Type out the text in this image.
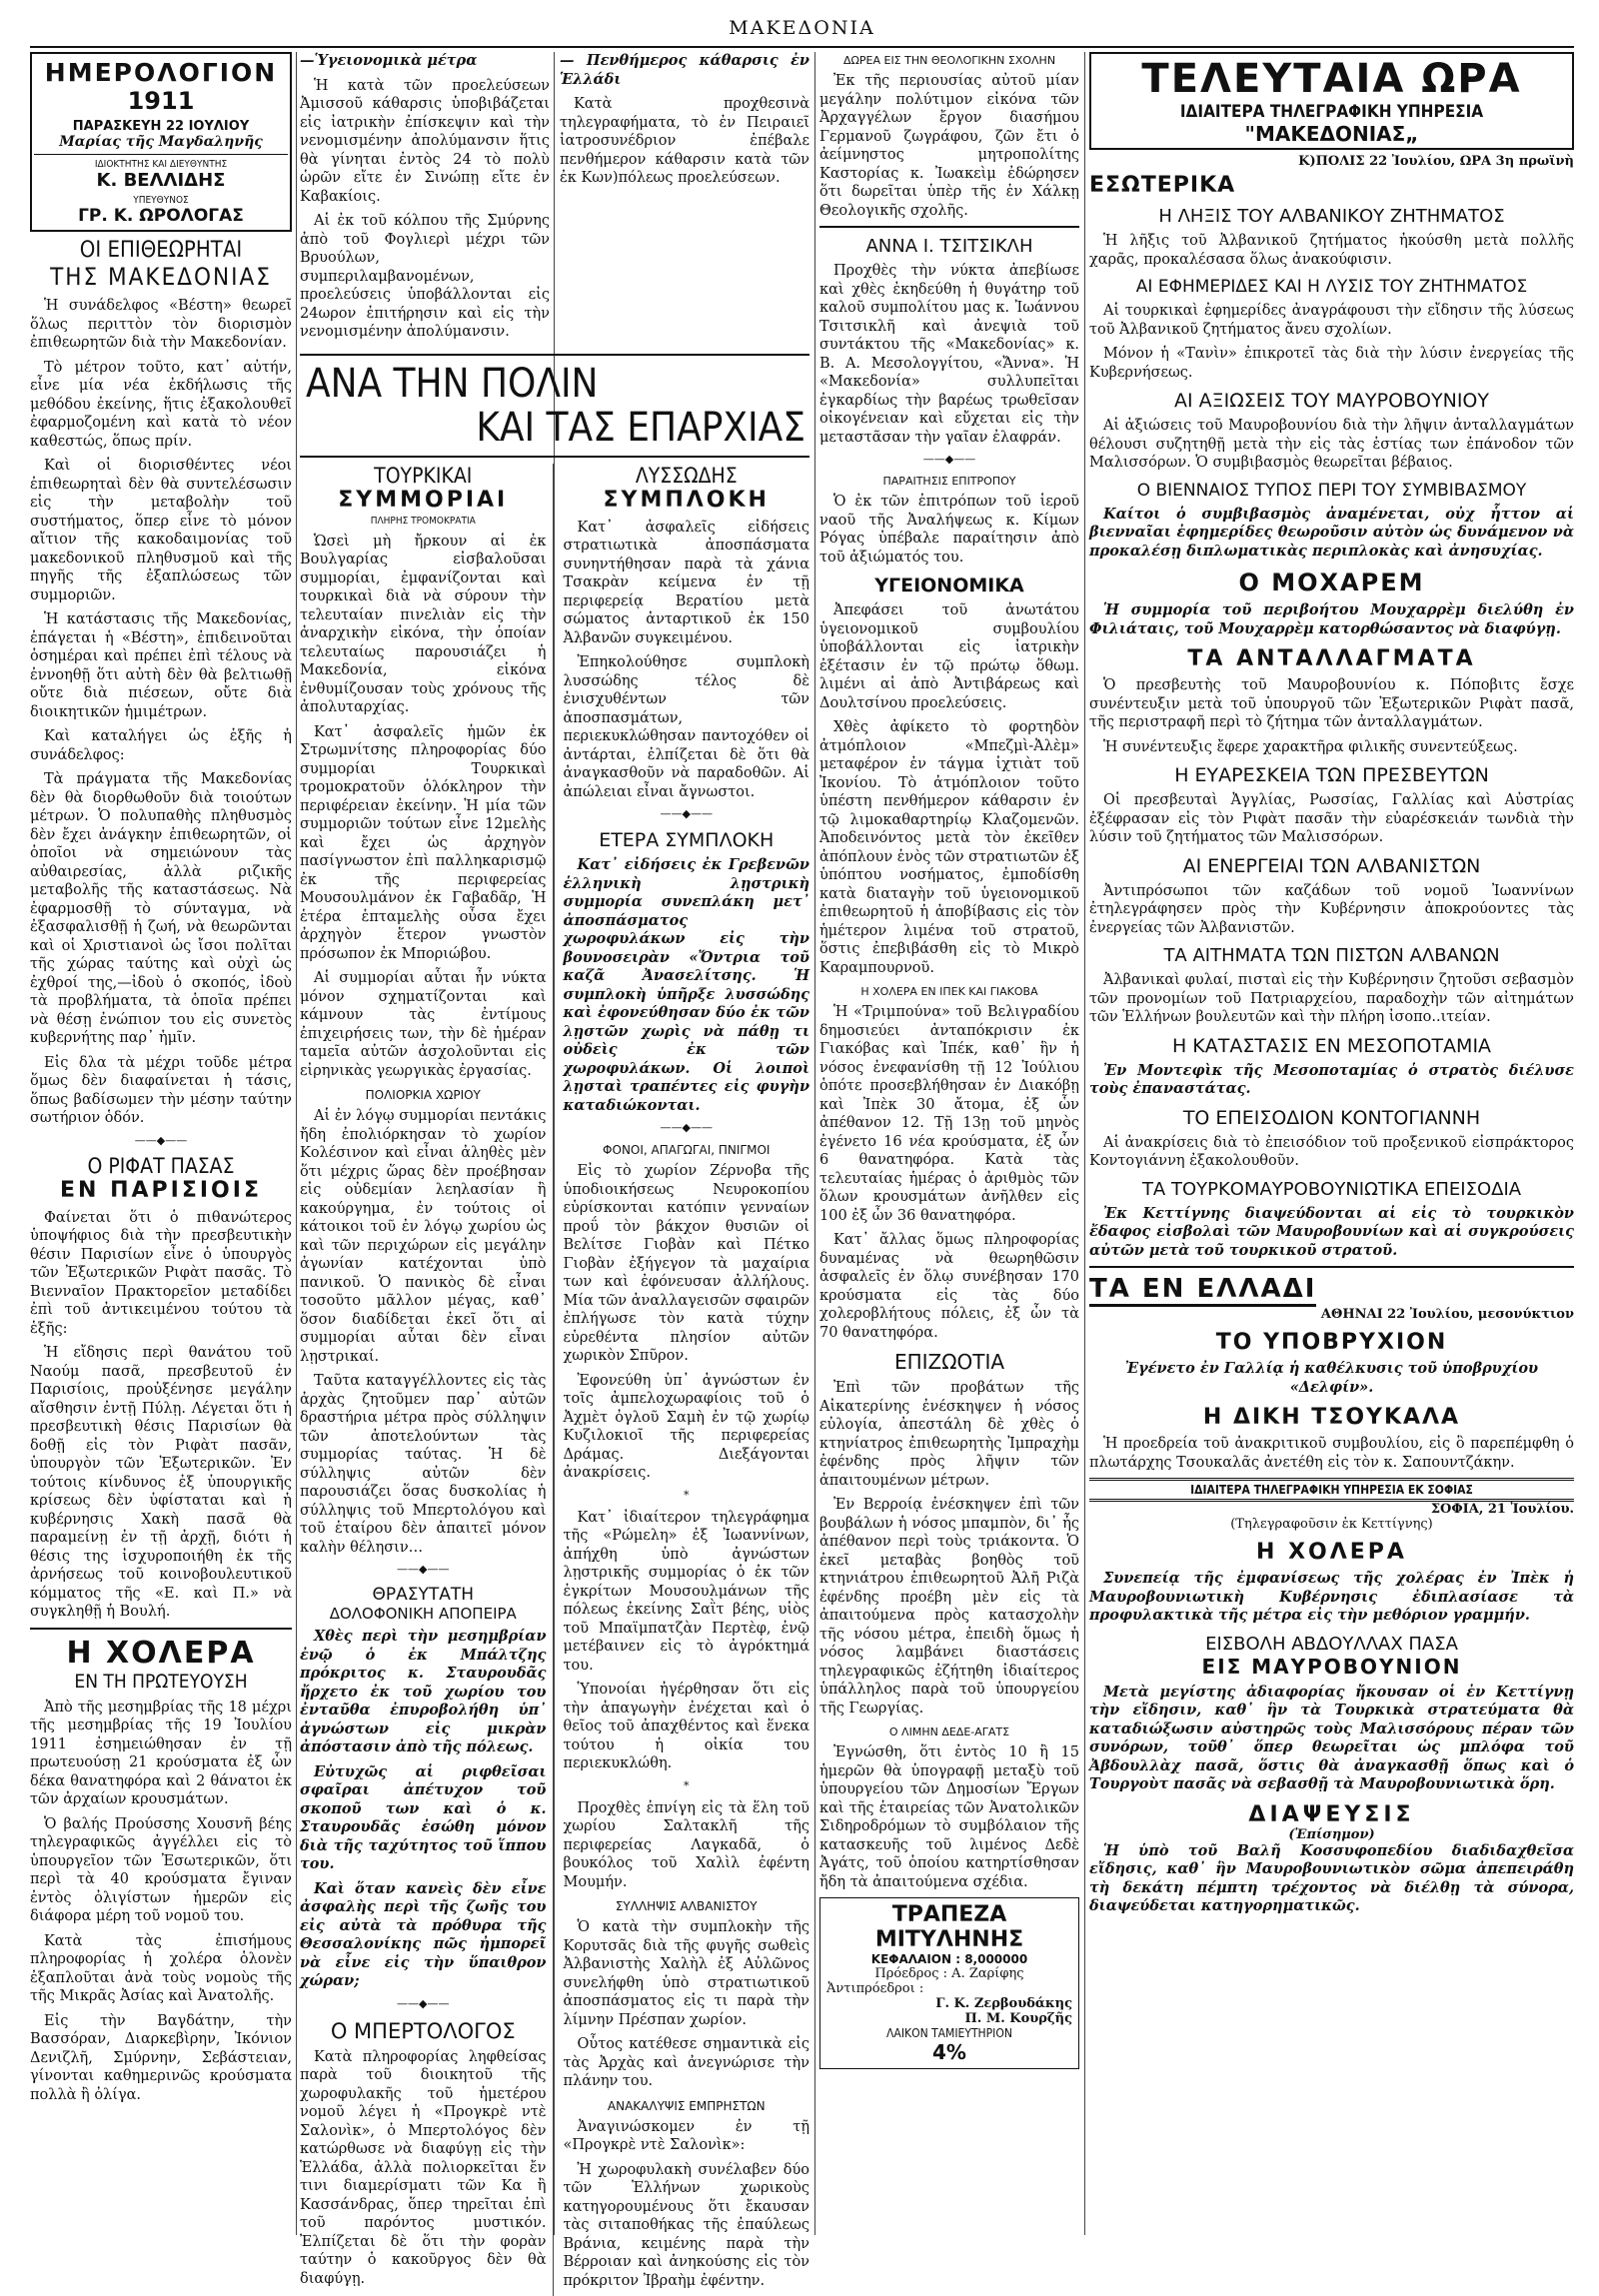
ΜΑΚΕΔΟΝΙΑ
ΗΜΕΡΟΛΟΓΙΟΝ
1911
ΠΑΡΑΣΚΕΥΗ 22 ΙΟΥΛΙΟΥ
Μαρίας τῆς Μαγδαληνῆς
ΙΔΙΟΚΤΗΤΗΣ ΚΑΙ ΔΙΕΥΘΥΝΤΗΣ
Κ. ΒΕΛΛΙΔΗΣ
ΥΠΕΥΘΥΝΟΣ
ΓΡ. Κ. ΩΡΟΛΟΓΑΣ
ΟΙ ΕΠΙΘΕΩΡΗΤΑΙ
ΤΗΣ ΜΑΚΕΔΟΝΙΑΣ

Ἡ συνάδελφος «Βέστη» θεωρεῖ ὅλως περιττὸν τὸν διορισμὸν ἐπιθεωρητῶν διὰ τὴν Μακεδονίαν.

Τὸ μέτρον τοῦτο, κατ᾽ αὐτήν, εἶνε μία νέα ἐκδήλωσις τῆς μεθόδου ἐκείνης, ἥτις ἐξακολουθεῖ ἐφαρμοζομένη καὶ κατὰ τὸ νέον καθεστώς, ὅπως πρίν.

Καὶ οἱ διορισθέντες νέοι ἐπιθεωρηταὶ δὲν θὰ συντελέσωσιν εἰς τὴν μεταβολὴν τοῦ συστήματος, ὅπερ εἶνε τὸ μόνον αἴτιον τῆς κακοδαιμονίας τοῦ μακεδονικοῦ πληθυσμοῦ καὶ τῆς πηγῆς τῆς ἐξαπλώσεως τῶν συμμοριῶν.

Ἡ κατάστασις τῆς Μακεδονίας, ἐπάγεται ἡ «Βέστη», ἐπιδεινοῦται ὁσημέραι καὶ πρέπει ἐπὶ τέλους νὰ ἐννοηθῇ ὅτι αὐτὴ δὲν θὰ βελτιωθῇ οὔτε διὰ πιέσεων, οὔτε διὰ διοικητικῶν ἡμιμέτρων.

Καὶ καταλήγει ὡς ἑξῆς ἡ συνάδελφος:

Τὰ πράγματα τῆς Μακεδονίας δὲν θὰ διορθωθοῦν διὰ τοιούτων μέτρων. Ὁ πολυπαθὴς πληθυσμὸς δὲν ἔχει ἀνάγκην ἐπιθεωρητῶν, οἱ ὁποῖοι νὰ σημειώνουν τὰς αὐθαιρεσίας, ἀλλὰ ριζικῆς μεταβολῆς τῆς καταστάσεως. Νὰ ἐφαρμοσθῇ τὸ σύνταγμα, νὰ ἐξασφαλισθῇ ἡ ζωή, νὰ θεωρῶνται καὶ οἱ Χριστιανοὶ ὡς ἴσοι πολῖται τῆς χώρας ταύτης καὶ οὐχὶ ὡς ἐχθροί της,—ἰδοὺ ὁ σκοπός, ἰδοὺ τὰ προβλήματα, τὰ ὁποῖα πρέπει νὰ θέσῃ ἐνώπιον του εἰς συνετὸς κυβερνήτης παρ᾽ ἡμῖν.

Εἰς δλα τὰ μέχρι τοῦδε μέτρα ὅμως δὲν διαφαίνεται ἡ τάσις, ὅπως βαδίσωμεν τὴν μέσην ταύτην σωτήριον ὁδόν.

——◆——
Ο ΡΙΦΑΤ ΠΑΣΑΣ
ΕΝ ΠΑΡΙΣΙΟΙΣ

Φαίνεται ὅτι ὁ πιθανώτερος ὑποψήφιος διὰ τὴν πρεσβευτικὴν θέσιν Παρισίων εἶνε ὁ ὑπουργὸς τῶν Ἐξωτερικῶν Ριφὰτ πασᾶς. Τὸ Βιενναῖον Πρακτορεῖον μεταδίδει ἐπὶ τοῦ ἀντικειμένου τούτου τὰ ἑξῆς:

Ἡ εἴδησις περὶ θανάτου τοῦ Ναούμ πασᾶ, πρεσβευτοῦ ἐν Παρισίοις, προὐξένησε μεγάλην αἴσθησιν ἐντῇ Πύλῃ. Λέγεται ὅτι ἡ πρεσβευτικὴ θέσις Παρισίων θὰ δοθῇ εἰς τὸν Ριφὰτ πασᾶν, ὑπουργὸν τῶν Ἐξωτερικῶν. Ἐν τούτοις κίνδυνος ἐξ ὑπουργικῆς κρίσεως δὲν ὑφίσταται καὶ ἡ κυβέρνησις Χακὴ πασᾶ θὰ παραμείνῃ ἐν τῇ ἀρχῇ, διότι ἡ θέσις της ἰσχυροποιήθη ἐκ τῆς ἀρνήσεως τοῦ κοινοβουλευτικοῦ κόμματος τῆς «Ε. καὶ Π.» νὰ συγκληθῇ ἡ Βουλή.

Η ΧΟΛΕΡΑ
ΕΝ ΤΗ ΠΡΩΤΕΥΟΥΣΗ

Ἀπὸ τῆς μεσημβρίας τῆς 18 μέχρι τῆς μεσημβρίας τῆς 19 Ἰουλίου 1911 ἐσημειώθησαν ἐν τῇ πρωτευούσῃ 21 κρούσματα ἐξ ὧν δέκα θανατηφόρα καὶ 2 θάνατοι ἐκ τῶν ἀρχαίων κρουσμάτων.

Ὁ βαλής Προύσσης Χουσνῆ βέης τηλεγραφικῶς ἀγγέλλει εἰς τὸ ὑπουργεῖον τῶν Ἐσωτερικῶν, ὅτι περὶ τὰ 40 κρούσματα ἔγιναν ἐντὸς ὀλιγίστων ἡμερῶν εἰς διάφορα μέρη τοῦ νομοῦ του.

Κατὰ τὰς ἐπισήμους πληροφορίας ἡ χολέρα ὁλονὲν ἐξαπλοῦται ἀνὰ τοὺς νομοὺς τῆς τῆς Μικρᾶς Ἀσίας καὶ Ἀνατολῆς.

Εἰς τὴν Βαγδάτην, τὴν Βασσόραν, Διαρκεβὶρην, Ἰκόνιον Δενιζλῆ, Σμύρνην, Σεβάστειαν, γίνονται καθημερινῶς κρούσματα πολλὰ ἢ ὀλίγα.

—Ὑγειονομικὰ μέτρα

Ἡ κατὰ τῶν προελεύσεων Ἀμισσοῦ κάθαρσις ὑποβιβάζεται εἰς ἰατρικὴν ἐπίσκεψιν καὶ τὴν νενομισμένην ἀπολύμανσιν ἥτις θὰ γίνηται ἐντὸς 24 τὸ πολὺ ὡρῶν εἴτε ἐν Σινώπῃ εἴτε ἐν Καβακίοις.

Αἱ ἐκ τοῦ κόλπου τῆς Σμύρνης ἀπὸ τοῦ Φογλιερὶ μέχρι τῶν Βρυούλων, συμπεριλαμβανομένων, προελεύσεις ὑποβάλλονται εἰς 24ωρον ἐπιτήρησιν καὶ εἰς τὴν νενομισμένην ἀπολύμανσιν.

— Πενθήμερος κάθαρσις ἐν Ἑλλάδι

Κατὰ προχθεσινὰ τηλεγραφήματα, τὸ ἐν Πειραιεῖ ἰατροσυνέδριον ἐπέβαλε πενθήμερον κάθαρσιν κατὰ τῶν ἐκ Κων)πόλεως προελεύσεων.

ΑΝΑ ΤΗΝ ΠΟΛΙΝ
ΚΑΙ ΤΑΣ ΕΠΑΡΧΙΑΣ
ΤΟΥΡΚΙΚΑΙ
ΣΥΜΜΟΡΙΑΙ
ΠΛΗΡΗΣ ΤΡΟΜΟΚΡΑΤΙΑ

Ὡσεὶ μὴ ἤρκουν αἱ ἐκ Βουλγαρίας εἰσβαλοῦσαι συμμορίαι, ἐμφανίζονται καὶ τουρκικαὶ διὰ νὰ σύρουν τὴν τελευταίαν πινελιὰν εἰς τὴν ἀναρχικὴν εἰκόνα, τὴν ὁποίαν τελευταίως παρουσιάζει ἡ Μακεδονία, εἰκόνα ἐνθυμίζουσαν τοὺς χρόνους τῆς ἀπολυταρχίας.

Κατ᾽ ἀσφαλεῖς ἡμῶν ἐκ Στρωμνίτσης πληροφορίας δύο συμμορίαι Τουρκικαὶ τρομοκρατοῦν ὁλόκληρον τὴν περιφέρειαν ἐκείνην. Ἡ μία τῶν συμμοριῶν τούτων εἶνε 12μελὴς καὶ ἔχει ὡς ἀρχηγὸν πασίγνωστον ἐπὶ παλληκαρισμῷ ἐκ τῆς περιφερείας Μουσουλμάνον ἐκ Γαβαδᾶρ, Ἡ ἑτέρα ἑπταμελὴς οὖσα ἔχει ἀρχηγὸν ἕτερον γνωστὸν πρόσωπον ἐκ Μποριώβου.

Αἱ συμμορίαι αὗται ἦν νύκτα μόνον σχηματίζονται καὶ κάμνουν τὰς ἐντίμους ἐπιχειρήσεις των, τὴν δὲ ἡμέραν ταμεῖα αὐτῶν ἀσχολοῦνται εἰς εἰρηνικὰς γεωργικὰς ἐργασίας.

ΠΟΛΙΟΡΚΙΑ ΧΩΡΙΟΥ

Αἱ ἐν λόγῳ συμμορίαι πεντάκις ἤδη ἐπολιόρκησαν τὸ χωρίον Κολέσινον καὶ εἶναι ἀληθὲς μὲν ὅτι μέχρις ὥρας δὲν προέβησαν εἰς οὐδεμίαν λεηλασίαν ἢ κακούργημα, ἐν τούτοις οἱ κάτοικοι τοῦ ἐν λόγῳ χωρίου ὡς καὶ τῶν περιχώρων εἰς μεγάλην ἀγωνίαν κατέχονται ὑπὸ πανικοῦ. Ὁ πανικὸς δὲ εἶναι τοσοῦτο μᾶλλον μέγας, καθ᾽ ὅσον διαδίδεται ἐκεῖ ὅτι αἱ συμμορίαι αὗται δὲν εἶναι λῃστρικαί.

Ταῦτα καταγγέλλοντες εἰς τὰς ἀρχὰς ζητοῦμεν παρ᾽ αὐτῶν δραστήρια μέτρα πρὸς σύλληψιν τῶν ἀποτελούντων τὰς συμμορίας ταύτας. Ἡ δὲ σύλληψις αὐτῶν δὲν παρουσιάζει ὅσας δυσκολίας ἡ σύλληψις τοῦ Μπερτολόγου καὶ τοῦ ἑταίρου δὲν ἀπαιτεῖ μόνον καλὴν θέλησιν…

——◆——
ΘΡΑΣΥΤΑΤΗ
ΔΟΛΟΦΟΝΙΚΗ ΑΠΟΠΕΙΡΑ

Χθὲς περὶ τὴν μεσημβρίαν ἐνῷ ὁ ἐκ Μπάλτζης πρόκριτος κ. Σταυρουδᾶς ἤρχετο ἐκ τοῦ χωρίου του ἐνταῦθα ἐπυροβολήθη ὑπ᾽ ἀγνώστων εἰς μικρὰν ἀπόστασιν ἀπὸ τῆς πόλεως.

Εὐτυχῶς αἱ ριφθεῖσαι σφαῖραι ἀπέτυχον τοῦ σκοποῦ των καὶ ὁ κ. Σταυρουδᾶς ἐσώθη μόνον διὰ τῆς ταχύτητος τοῦ ἵππου του.

Καὶ ὅταν κανεὶς δὲν εἶνε ἀσφαλὴς περὶ τῆς ζωῆς του εἰς αὐτὰ τὰ πρόθυρα τῆς Θεσσαλονίκης πῶς ἠμπορεῖ νὰ εἶνε εἰς τὴν ὕπαιθρον χώραν;

——◆——
Ο ΜΠΕΡΤΟΛΟΓΟΣ

Κατὰ πληροφορίας ληφθείσας παρὰ τοῦ διοικητοῦ τῆς χωροφυλακῆς τοῦ ἡμετέρου νομοῦ λέγει ἡ «Προγκρὲ ντὲ Σαλονὶκ», ὁ Μπερτολόγος δὲν κατώρθωσε νὰ διαφύγῃ εἰς τὴν Ἑλλάδα, ἀλλὰ πολιορκεῖται ἔν τινι διαμερίσματι τῶν Κα ἢ Κασσάνδρας, ὅπερ τηρεῖται ἐπὶ τοῦ παρόντος μυστικόν. Ἐλπίζεται δὲ ὅτι τὴν φορὰν ταύτην ὁ κακοῦργος δὲν θὰ διαφύγῃ.

ΛΥΣΣΩΔΗΣ
ΣΥΜΠΛΟΚΗ

Κατ᾽ ἀσφαλεῖς εἰδήσεις στρατιωτικὰ ἀποσπάσματα συνηντήθησαν παρὰ τὰ χάνια Τσακρὰν κείμενα ἐν τῇ περιφερείᾳ Βερατίου μετὰ σώματος ἀνταρτικοῦ ἐκ 150 Ἀλβανῶν συγκειμένου.

Ἐπηκολούθησε συμπλοκὴ λυσσώδης τέλος δὲ ἐνισχυθέντων τῶν ἀποσπασμάτων, περιεκυκλώθησαν παντοχόθεν οἱ ἀντάρται, ἐλπίζεται δὲ ὅτι θὰ ἀναγκασθοῦν νὰ παραδοθῶν. Αἱ ἀπώλειαι εἶναι ἄγνωστοι.

——◆——
ΕΤΕΡΑ ΣΥΜΠΛΟΚΗ

Κατ᾽ εἰδήσεις ἐκ Γρεβενῶν ἑλληνικὴ λῃστρικὴ συμμορία συνεπλάκη μετ᾽ ἀποσπάσματος χωροφυλάκων εἰς τὴν βουνοσειρὰν «Ὄντρια τοῦ καζᾶ Ἀνασελίτσης. Ἡ συμπλοκὴ ὑπῆρξε λυσσώδης καὶ ἐφονεύθησαν δύο ἐκ τῶν λῃστῶν χωρὶς νὰ πάθῃ τι οὐδεὶς ἐκ τῶν χωροφυλάκων. Οἱ λοιποὶ λῃσταὶ τραπέντες εἰς φυγὴν καταδιώκονται.

——◆——
ΦΟΝΟΙ, ΑΠΑΓΩΓΑΙ, ΠΝΙΓΜΟΙ

Εἰς τὸ χωρίον Ζέρνοβα τῆς ὑποδιοικήσεως Νευροκοπίου εὑρίσκονται κατόπιν γενναίων προΰ τὸν βάκχον θυσιῶν οἱ Βελίτσε Γιοβὰν καὶ Πέτκο Γιοβὰν ἐξήγεγον τὰ μαχαίρια των καὶ ἐφόνευσαν ἀλλήλους. Μία τῶν ἀναλλαγεισῶν σφαιρῶν ἐπλήγωσε τὸν κατὰ τύχην εὑρεθέντα πλησίον αὐτῶν χωρικὸν Σπῦρον.

Ἐφονεύθη ὑπ᾽ ἀγνώστων ἐν τοῖς ἀμπελοχωραφίοις τοῦ ὁ Ἀχμὲτ ὀγλοῦ Σαμὴ ἐν τῷ χωρίῳ Κυζιλοκιοῖ τῆς περιφερείας Δράμας. Διεξάγονται ἀνακρίσεις.

*

Κατ᾽ ἰδιαίτερον τηλεγράφημα τῆς «Ρώμελη» ἐξ Ἰωαννίνων, ἀπήχθη ὑπὸ ἀγνώστων λῃστρικῆς συμμορίας ὁ ἐκ τῶν ἐγκρίτων Μουσουλμάνων τῆς πόλεως ἐκείνης Σαῒτ βέης, υἱὸς τοῦ Μπαϊμπατζὰν Περτὲφ, ἐνῷ μετέβαινεν εἰς τὸ ἀγρόκτημά του.

Ὑπονοίαι ἠγέρθησαν ὅτι εἰς τὴν ἀπαγωγὴν ἐνέχεται καὶ ὁ θεῖος τοῦ ἀπαχθέντος καὶ ἕνεκα τούτου ἡ οἰκία του περιεκυκλώθη.

*

Προχθὲς ἐπνίγη εἰς τὰ ἕλη τοῦ χωρίου Σαλτακλῆ τῆς περιφερείας Λαγκαδᾶ, ὁ βουκόλος τοῦ Χαλὶλ ἐφέντη Μουμήν.

ΣΥΛΛΗΨΙΣ ΑΛΒΑΝΙΣΤΟΥ

Ὁ κατὰ τὴν συμπλοκὴν τῆς Κορυτσᾶς διὰ τῆς φυγῆς σωθεὶς Ἀλβανιστὴς Χαλὴλ ἐξ Αὐλῶνος συνελήφθη ὑπὸ στρατιωτικοῦ ἀποσπάσματος εἰς τι παρὰ τὴν λίμνην Πρέσπαν χωρίον.

Οὗτος κατέθεσε σημαντικὰ εἰς τὰς Ἀρχὰς καὶ ἀνεγνώρισε τὴν πλάνην του.

ΑΝΑΚΑΛΥΨΙΣ ΕΜΠΡΗΣΤΩΝ

Ἀναγινώσκομεν ἐν τῇ «Προγκρὲ ντὲ Σαλονὶκ»:

Ἡ χωροφυλακὴ συνέλαβεν δύο τῶν Ἑλλήνων χωρικοὺς κατηγορουμένους ὅτι ἔκαυσαν τὰς σιταποθήκας τῆς ἐπαύλεως Βράνια, κειμένης παρὰ τὴν Βέρροιαν καὶ ἀνηκούσης εἰς τὸν πρόκριτον Ἰβραὴμ ἐφέντην.

ΔΩΡΕΑ ΕΙΣ ΤΗΝ ΘΕΟΛΟΓΙΚΗΝ ΣΧΟΛΗΝ

Ἐκ τῆς περιουσίας αὐτοῦ μίαν μεγάλην πολύτιμον εἰκόνα τῶν Ἀρχαγγέλων ἔργον διασήμου Γερμανοῦ ζωγράφου, ζῶν ἔτι ὁ ἀείμνηστος μητροπολίτης Καστορίας κ. Ἰωακεὶμ ἐδώρησεν ὅτι δωρεῖται ὑπὲρ τῆς ἐν Χάλκῃ Θεολογικῆς σχολῆς.

ΑΝΝΑ Ι. ΤΣΙΤΣΙΚΛΗ

Προχθὲς τὴν νύκτα ἀπεβίωσε καὶ χθὲς ἐκηδεύθη ἡ θυγάτηρ τοῦ καλοῦ συμπολίτου μας κ. Ἰωάννου Τσιτσικλῆ καὶ ἀνεψιὰ τοῦ συντάκτου τῆς «Μακεδονίας» κ. Β. Α. Μεσολογγίτου, «Ἄννα». Ἡ «Μακεδονία» συλλυπεῖται ἐγκαρδίως τὴν βαρέως τρωθεῖσαν οἰκογένειαν καὶ εὔχεται εἰς τὴν μεταστᾶσαν τὴν γαῖαν ἐλαφράν.

——◆——
ΠΑΡΑΙΤΗΣΙΣ ΕΠΙΤΡΟΠΟΥ

Ὁ ἐκ τῶν ἐπιτρόπων τοῦ ἱεροῦ ναοῦ τῆς Ἀναλήψεως κ. Κίμων Ρόγας ὑπέβαλε παραίτησιν ἀπὸ τοῦ ἀξιώματός του.

ΥΓΕΙΟΝΟΜΙΚΑ

Ἀπεφάσει τοῦ ἀνωτάτου ὑγειονομικοῦ συμβουλίου ὑποβάλλονται εἰς ἰατρικὴν ἐξέτασιν ἐν τῷ πρώτῳ ὅθωμ. λιμένι αἱ ἀπὸ Ἀντιβάρεως καὶ Δουλτσίνου προελεύσεις.

Χθὲς ἀφίκετο τὸ φορτηδὸν ἀτμόπλοιον «Μπεζμὶ-Ἀλὲμ» μεταφέρον ἐν τάγμα ἰχτιὰτ τοῦ Ἰκονίου. Τὸ ἀτμόπλοιον τοῦτο ὑπέστη πενθήμερον κάθαρσιν ἐν τῷ λιμοκαθαρτηρίῳ Κλαζομενῶν. Ἀποδεινόντος μετὰ τὸν ἐκεῖθεν ἀπόπλουν ἑνὸς τῶν στρατιωτῶν ἐξ ὑπόπτου νοσήματος, ἐμποδίσθη κατὰ διαταγὴν τοῦ ὑγειονομικοῦ ἐπιθεωρητοῦ ἡ ἀποβίβασις εἰς τὸν ἡμέτερον λιμένα τοῦ στρατοῦ, ὅστις ἐπεβιβάσθη εἰς τὸ Μικρὸ Καραμπουρνοῦ.

Η ΧΟΛΕΡΑ ΕΝ ΙΠΕΚ ΚΑΙ ΓΙΑΚΟΒΑ

Ἡ «Τριμπούνα» τοῦ Βελιγραδίου δημοσιεύει ἀνταπόκρισιν ἐκ Γιακόβας καὶ Ἰπέκ, καθ᾽ ἣν ἡ νόσος ἐνεφανίσθη τῇ 12 Ἰούλιου ὁπότε προσεβλήθησαν ἐν Διακόβῃ καὶ Ἰπὲκ 30 ἄτομα, ἐξ ὧν ἀπέθανον 12. Τῇ 13ῃ τοῦ μηνὸς ἐγένετο 16 νέα κρούσματα, ἐξ ὧν 6 θανατηφόρα. Κατὰ τὰς τελευταίας ἡμέρας ὁ ἀριθμὸς τῶν ὅλων κρουσμάτων ἀνῆλθεν εἰς 100 ἐξ ὧν 36 θανατηφόρα.

Κατ᾽ ἄλλας ὅμως πληροφορίας δυναμένας νὰ θεωρηθῶσιν ἀσφαλεῖς ἐν ὅλῳ συνέβησαν 170 κρούσματα εἰς τὰς δύο χολεροβλήτους πόλεις, ἐξ ὧν τὰ 70 θανατηφόρα.

ΕΠΙΖΩΟΤΙΑ

Ἐπὶ τῶν προβάτων τῆς Αἰκατερίνης ἐνέσκηψεν ἡ νόσος εὐλογία, ἀπεστάλη δὲ χθὲς ὁ κτηνίατρος ἐπιθεωρητὴς Ἰμπραχὴμ ἐφένδης πρὸς λῆψιν τῶν ἀπαιτουμένων μέτρων.

Ἐν Βερροίᾳ ἐνέσκηψεν ἐπὶ τῶν βουβάλων ἡ νόσος μπαμπὸν, δι᾽ ἧς ἀπέθανον περὶ τοὺς τριάκοντα. Ὁ ἐκεῖ μεταβὰς βοηθὸς τοῦ κτηνιάτρου ἐπιθεωρητοῦ Ἀλῆ Ριζὰ ἐφένδης προέβη μὲν εἰς τὰ ἀπαιτούμενα πρὸς κατασχολὴν τῆς νόσου μέτρα, ἐπειδὴ ὅμως ἡ νόσος λαμβάνει διαστάσεις τηλεγραφικῶς ἐζήτηθη ἰδιαίτερος ὑπάλληλος παρὰ τοῦ ὑπουργείου τῆς Γεωργίας.

Ο ΛΙΜΗΝ ΔΕΔΕ-ΑΓΑΤΣ

Ἐγνώσθη, ὅτι ἐντὸς 10 ἢ 15 ἡμερῶν θὰ ὑπογραφῇ μεταξὺ τοῦ ὑπουργείου τῶν Δημοσίων Ἔργων καὶ τῆς ἑταιρείας τῶν Ἀνατολικῶν Σιδηροδρόμων τὸ συμβόλαιον τῆς κατασκευῆς τοῦ λιμένος Δεδὲ Ἀγάτς, τοῦ ὁποίου κατηρτίσθησαν ἤδη τὰ ἀπαιτούμενα σχέδια.

ΤΡΑΠΕΖΑ ΜΙΤΥΛΗΝΗΣ
ΚΕΦΑΛΑΙΟΝ : 8,000000
Πρόεδρος : Α. Ζαρίφης
Ἀντιπρόεδροι :
Γ. Κ. Ζερβουδάκης
Π. Μ. Κουρζῆς
ΛΑΙΚΟΝ ΤΑΜΙΕΥΤΗΡΙΟΝ
4%
ΤΕΛΕΥΤΑΙΑ ΩΡΑ
ΙΔΙΑΙΤΕΡΑ ΤΗΛΕΓΡΑΦΙΚΗ ΥΠΗΡΕΣΙΑ
"ΜΑΚΕΔΟΝΙΑΣ„
Κ)ΠΟΛΙΣ 22 Ἰουλίου, ΩΡΑ 3η πρωϊνὴ
ΕΣΩΤΕΡΙΚΑ
Η ΛΗΞΙΣ ΤΟΥ ΑΛΒΑΝΙΚΟΥ ΖΗΤΗΜΑΤΟΣ

Ἡ λῆξις τοῦ Ἀλβανικοῦ ζητήματος ἠκούσθη μετὰ πολλῆς χαρᾶς, προκαλέσασα ὅλως ἀνακούφισιν.

ΑΙ ΕΦΗΜΕΡΙΔΕΣ ΚΑΙ Η ΛΥΣΙΣ ΤΟΥ ΖΗΤΗΜΑΤΟΣ

Αἱ τουρκικαὶ ἐφημερίδες ἀναγράφουσι τὴν εἴδησιν τῆς λύσεως τοῦ Ἀλβανικοῦ ζητήματος ἄνευ σχολίων.

Μόνον ἡ «Τανὶν» ἐπικροτεῖ τὰς διὰ τὴν λύσιν ἐνεργείας τῆς Κυβερνήσεως.

ΑΙ ΑΞΙΩΣΕΙΣ ΤΟΥ ΜΑΥΡΟΒΟΥΝΙΟΥ

Αἱ ἀξιώσεις τοῦ Μαυροβουνίου διὰ τὴν λῆψιν ἀνταλλαγμάτων θέλουσι συζητηθῇ μετὰ τὴν εἰς τὰς ἑστίας των ἐπάνοδον τῶν Μαλισσόρων. Ὁ συμβιβασμὸς θεωρεῖται βέβαιος.

Ο ΒΙΕΝΝΑΙΟΣ ΤΥΠΟΣ ΠΕΡΙ ΤΟΥ ΣΥΜΒΙΒΑΣΜΟΥ

Καίτοι ὁ συμβιβασμὸς ἀναμένεται, οὐχ ἧττον αἱ βιενναῖαι ἐφημερίδες θεωροῦσιν αὐτὸν ὡς δυνάμενον νὰ προκαλέσῃ διπλωματικὰς περιπλοκὰς καὶ ἀνησυχίας.

Ο ΜΟΧΑΡΕΜ

Ἡ συμμορία τοῦ περιβοήτου Μουχαρρὲμ διελύθη ἐν Φιλιάταις, τοῦ Μουχαρρὲμ κατορθώσαντος νὰ διαφύγῃ.

ΤΑ ΑΝΤΑΛΛΑΓΜΑΤΑ

Ὁ πρεσβευτὴς τοῦ Μαυροβουνίου κ. Πόποβιτς ἔσχε συνέντευξιν μετὰ τοῦ ὑπουργοῦ τῶν Ἐξωτερικῶν Ριφὰτ πασᾶ, τῆς περιστραφῆ περὶ τὸ ζήτημα τῶν ἀνταλλαγμάτων.

Ἡ συνέντευξις ἔφερε χαρακτῆρα φιλικῆς συνεντεύξεως.

Η ΕΥΑΡΕΣΚΕΙΑ ΤΩΝ ΠΡΕΣΒΕΥΤΩΝ

Οἱ πρεσβευταὶ Ἀγγλίας, Ρωσσίας, Γαλλίας καὶ Αὐστρίας ἐξέφρασαν εἰς τὸν Ριφὰτ πασᾶν τὴν εὐαρέσκειάν τωνδιὰ τὴν λύσιν τοῦ ζητήματος τῶν Μαλισσόρων.

ΑΙ ΕΝΕΡΓΕΙΑΙ ΤΩΝ ΑΛΒΑΝΙΣΤΩΝ

Ἀντιπρόσωποι τῶν καζάδων τοῦ νομοῦ Ἰωαννίνων ἐτηλεγράφησεν πρὸς τὴν Κυβέρνησιν ἀποκρούοντες τὰς ἐνεργείας τῶν Ἀλβανιστῶν.

ΤΑ ΑΙΤΗΜΑΤΑ ΤΩΝ ΠΙΣΤΩΝ ΑΛΒΑΝΩΝ

Ἀλβανικαὶ φυλαί, πισταὶ εἰς τὴν Κυβέρνησιν ζητοῦσι σεβασμὸν τῶν προνομίων τοῦ Πατριαρχείου, παραδοχὴν τῶν αἰτημάτων τῶν Ἑλλήνων βουλευτῶν καὶ τὴν πλήρη ἰσοπο..ιτείαν.

Η ΚΑΤΑΣΤΑΣΙΣ ΕΝ ΜΕΣΟΠΟΤΑΜΙΑ

Ἐν Μοντεφὶκ τῆς Μεσοποταμίας ὁ στρατὸς διέλυσε τοὺς ἐπαναστάτας.

ΤΟ ΕΠΕΙΣΟΔΙΟΝ ΚΟΝΤΟΓΙΑΝΝΗ

Αἱ ἀνακρίσεις διὰ τὸ ἐπεισόδιον τοῦ προξενικοῦ εἰσπράκτορος Κοντογιάννη ἐξακολουθοῦν.

ΤΑ ΤΟΥΡΚΟΜΑΥΡΟΒΟΥΝΙΩΤΙΚΑ ΕΠΕΙΣΟΔΙΑ

Ἐκ Κεττίγνης διαψεύδονται αἱ εἰς τὸ τουρκικὸν ἔδαφος εἰσβολαὶ τῶν Μαυροβουνίων καὶ αἱ συγκρούσεις αὐτῶν μετὰ τοῦ τουρκικοῦ στρατοῦ.

ΤΑ ΕΝ ΕΛΛΑΔΙ
ΑΘΗΝΑΙ 22 Ἰουλίου, μεσονύκτιον
ΤΟ ΥΠΟΒΡΥΧΙΟΝ

Ἐγένετο ἐν Γαλλίᾳ ἡ καθέλκυσις τοῦ ὑποβρυχίου «Δελφίν».

Η ΔΙΚΗ ΤΣΟΥΚΑΛΑ

Ἡ προεδρεία τοῦ ἀνακριτικοῦ συμβουλίου, εἰς ὃ παρεπέμφθη ὁ πλωτάρχης Τσουκαλᾶς ἀνετέθη εἰς τὸν κ. Σαπουντζάκην.

ΙΔΙΑΙΤΕΡΑ ΤΗΛΕΓΡΑΦΙΚΗ ΥΠΗΡΕΣΙΑ ΕΚ ΣΟΦΙΑΣ
ΣΟΦΙΑ, 21 Ἰουλίου.
(Τηλεγραφοῦσιν ἐκ Κεττίγνης)
Η ΧΟΛΕΡΑ

Συνεπείᾳ τῆς ἐμφανίσεως τῆς χολέρας ἐν Ἰπὲκ ἡ Μαυροβουνιωτικὴ Κυβέρνησις ἐδιπλασίασε τὰ προφυλακτικὰ τῆς μέτρα εἰς τὴν μεθόριον γραμμήν.

ΕΙΣΒΟΛΗ ΑΒΔΟΥΛΛΑΧ ΠΑΣΑ
ΕΙΣ ΜΑΥΡΟΒΟΥΝΙΟΝ

Μετὰ μεγίστης ἀδιαφορίας ἤκουσαν οἱ ἐν Κεττίγνῃ τὴν εἴδησιν, καθ᾽ ἣν τὰ Τουρκικὰ στρατεύματα θὰ καταδιώξωσιν αὐστηρῶς τοὺς Μαλισσόρους πέραν τῶν συνόρων, τοῦθ᾽ ὅπερ θεωρεῖται ὡς μπλόφα τοῦ Ἀβδουλλὰχ πασᾶ, ὅστις θὰ ἀναγκασθῇ ὅπως καὶ ὁ Τουργοὺτ πασᾶς νὰ σεβασθῇ τὰ Μαυροβουνιωτικὰ ὅρη.

ΔΙΑΨΕΥΣΙΣ
(Ἐπίσημον)

Ἡ ὑπὸ τοῦ Βαλῆ Κοσσυφοπεδίου διαδιδαχθεῖσα εἴδησις, καθ᾽ ἣν Μαυροβουνιωτικὸν σῶμα ἀπεπειράθη τὴ δεκάτη πέμπτη τρέχοντος νὰ διέλθῃ τὰ σύνορα, διαψεύδεται κατηγορηματικῶς.
